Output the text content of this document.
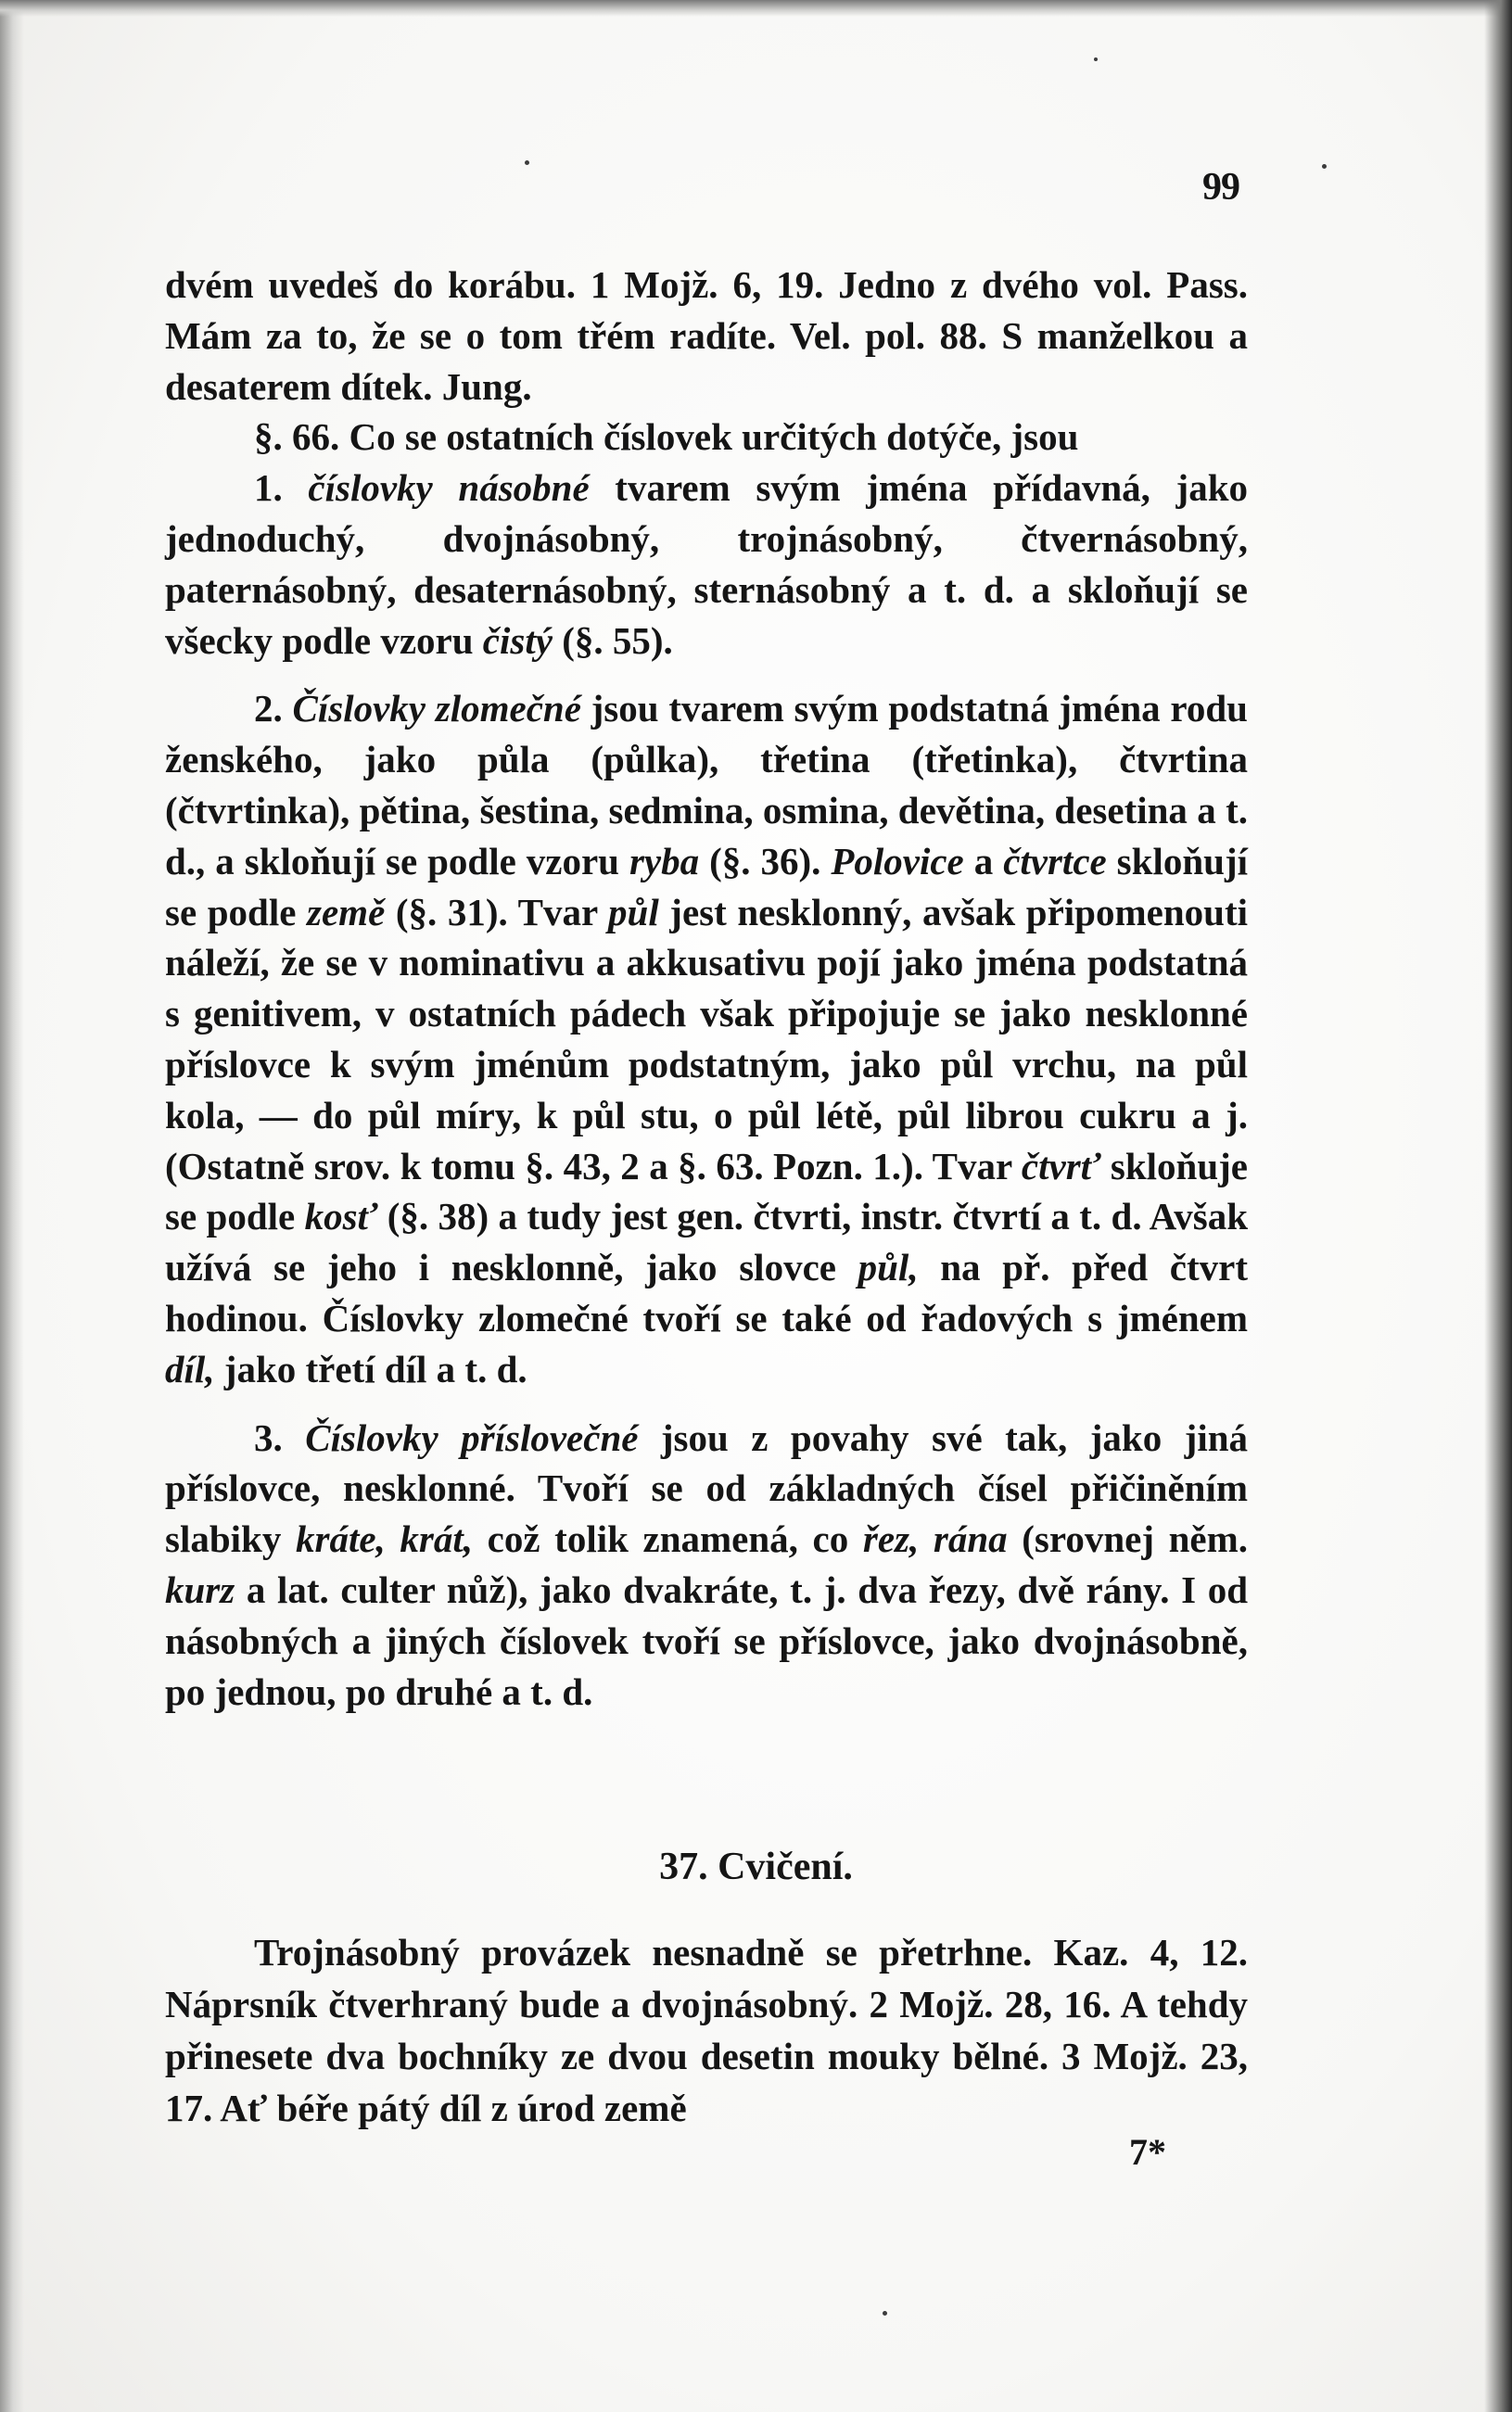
99

dvém uvedeš do korábu. 1 Mojž. 6, 19. Jedno z dvého vol. Pass. Mám za to, že se o tom třém radíte. Vel. pol. 88. S manželkou a desaterem dítek. Jung.

§. 66. Co se ostatních číslovek určitých dotýče, jsou

1. číslovky násobné tvarem svým jména přídavná, jako jednoduchý, dvojnásobný, trojnásobný, čtvernásobný, paternásobný, desaternásobný, sternásobný a t. d. a skloňují se všecky podle vzoru čistý (§. 55).

2. Číslovky zlomečné jsou tvarem svým podstatná jména rodu ženského, jako půla (půlka), třetina (třetinka), čtvrtina (čtvrtinka), pětina, šestina, sedmina, osmina, devětina, desetina a t. d., a skloňují se podle vzoru ryba (§. 36). Polovice a čtvrtce skloňují se podle země (§. 31). Tvar půl jest nesklonný, avšak připomenouti náleží, že se v nominativu a akkusativu pojí jako jména podstatná s genitivem, v ostatních pádech však připojuje se jako nesklonné příslovce k svým jménům podstatným, jako půl vrchu, na půl kola, — do půl míry, k půl stu, o půl létě, půl librou cukru a j. (Ostatně srov. k tomu §. 43, 2 a §. 63. Pozn. 1.). Tvar čtvrť skloňuje se podle kosť (§. 38) a tudy jest gen. čtvrti, instr. čtvrtí a t. d. Avšak užívá se jeho i nesklonně, jako slovce půl, na př. před čtvrt hodinou. Číslovky zlomečné tvoří se také od řadových s jménem díl, jako třetí díl a t. d.

3. Číslovky příslovečné jsou z povahy své tak, jako jiná příslovce, nesklonné. Tvoří se od základných čísel přičiněním slabiky kráte, krát, což tolik znamená, co řez, rána (srovnej něm. kurz a lat. culter nůž), jako dvakráte, t. j. dva řezy, dvě rány. I od násobných a jiných číslovek tvoří se příslovce, jako dvojnásobně, po jednou, po druhé a t. d.

37. Cvičení.

Trojnásobný provázek nesnadně se přetrhne. Kaz. 4, 12. Náprsník čtverhraný bude a dvojnásobný. 2 Mojž. 28, 16. A tehdy přinesete dva bochníky ze dvou desetin mouky bělné. 3 Mojž. 23, 17. Ať béře pátý díl z úrod země

7*
